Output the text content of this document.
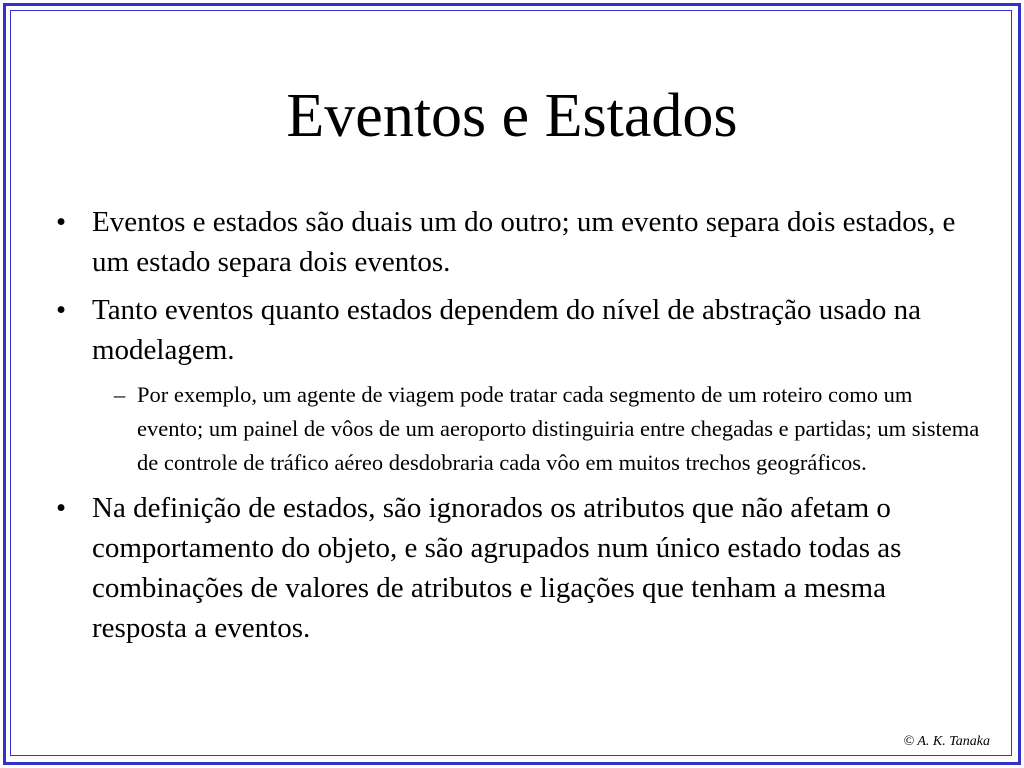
Eventos e Estados
• Eventos e estados são duais um do outro; um evento separa dois estados, e um estado separa dois eventos.
• Tanto eventos quanto estados dependem do nível de abstração usado na modelagem.
– Por exemplo, um agente de viagem pode tratar cada segmento de um roteiro como um evento; um painel de vôos de um aeroporto distinguiria entre chegadas e partidas; um sistema de controle de tráfico aéreo desdobraria cada vôo em muitos trechos geográficos.
• Na definição de estados, são ignorados os atributos que não afetam o comportamento do objeto, e são agrupados num único estado todas as combinações de valores de atributos e ligações que tenham a mesma resposta a eventos.
© A. K. Tanaka
